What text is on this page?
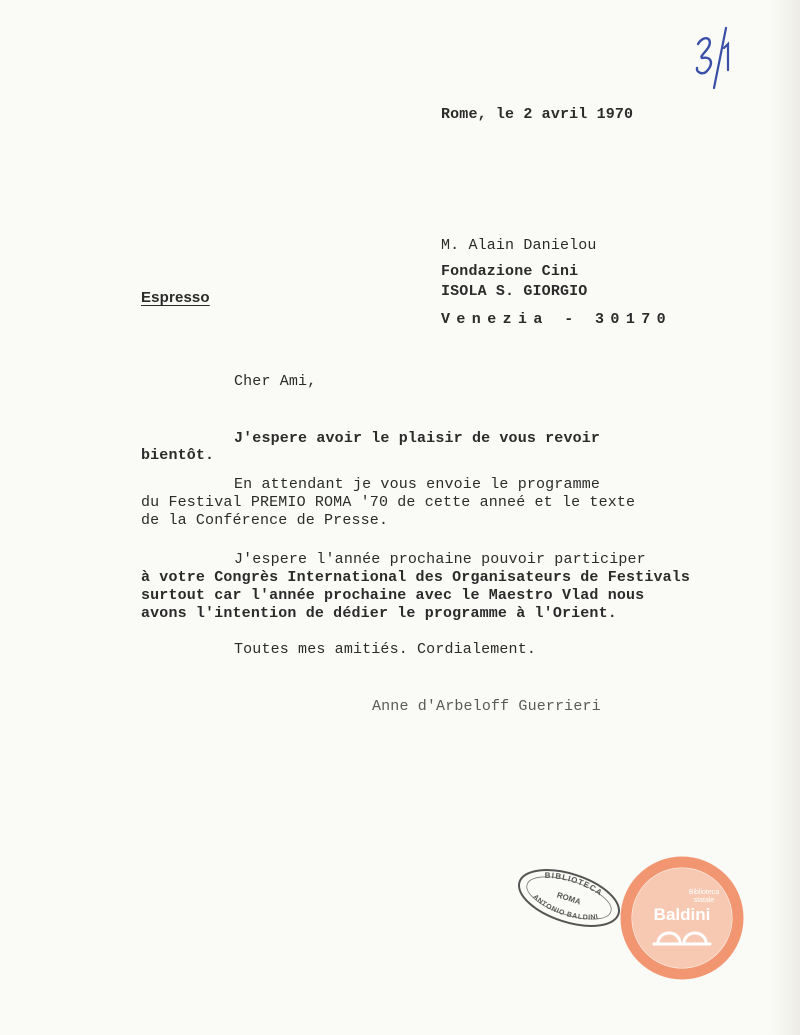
Rome, le 2 avril 1970
M. Alain Danielou
Fondazione Cini
ISOLA S. GIORGIO
Venezia - 30170
Espresso
Cher Ami,
J'espere avoir le plaisir de vous revoir
bientôt.
En attendant je vous envoie le programme
du Festival PREMIO ROMA '70 de cette anneé et le texte
de la Conférence de Presse.
J'espere l'année prochaine pouvoir participer
à votre Congrès International des Organisateurs de Festivals
surtout car l'année prochaine avec le Maestro Vlad nous
avons l'intention de dédier le programme à l'Orient.
Toutes mes amitiés. Cordialement.
Anne d'Arbeloff Guerrieri
BIBLIOTECA
ANTONIO BALDINI
ROMA	Biblioteca
statale
Baldini
